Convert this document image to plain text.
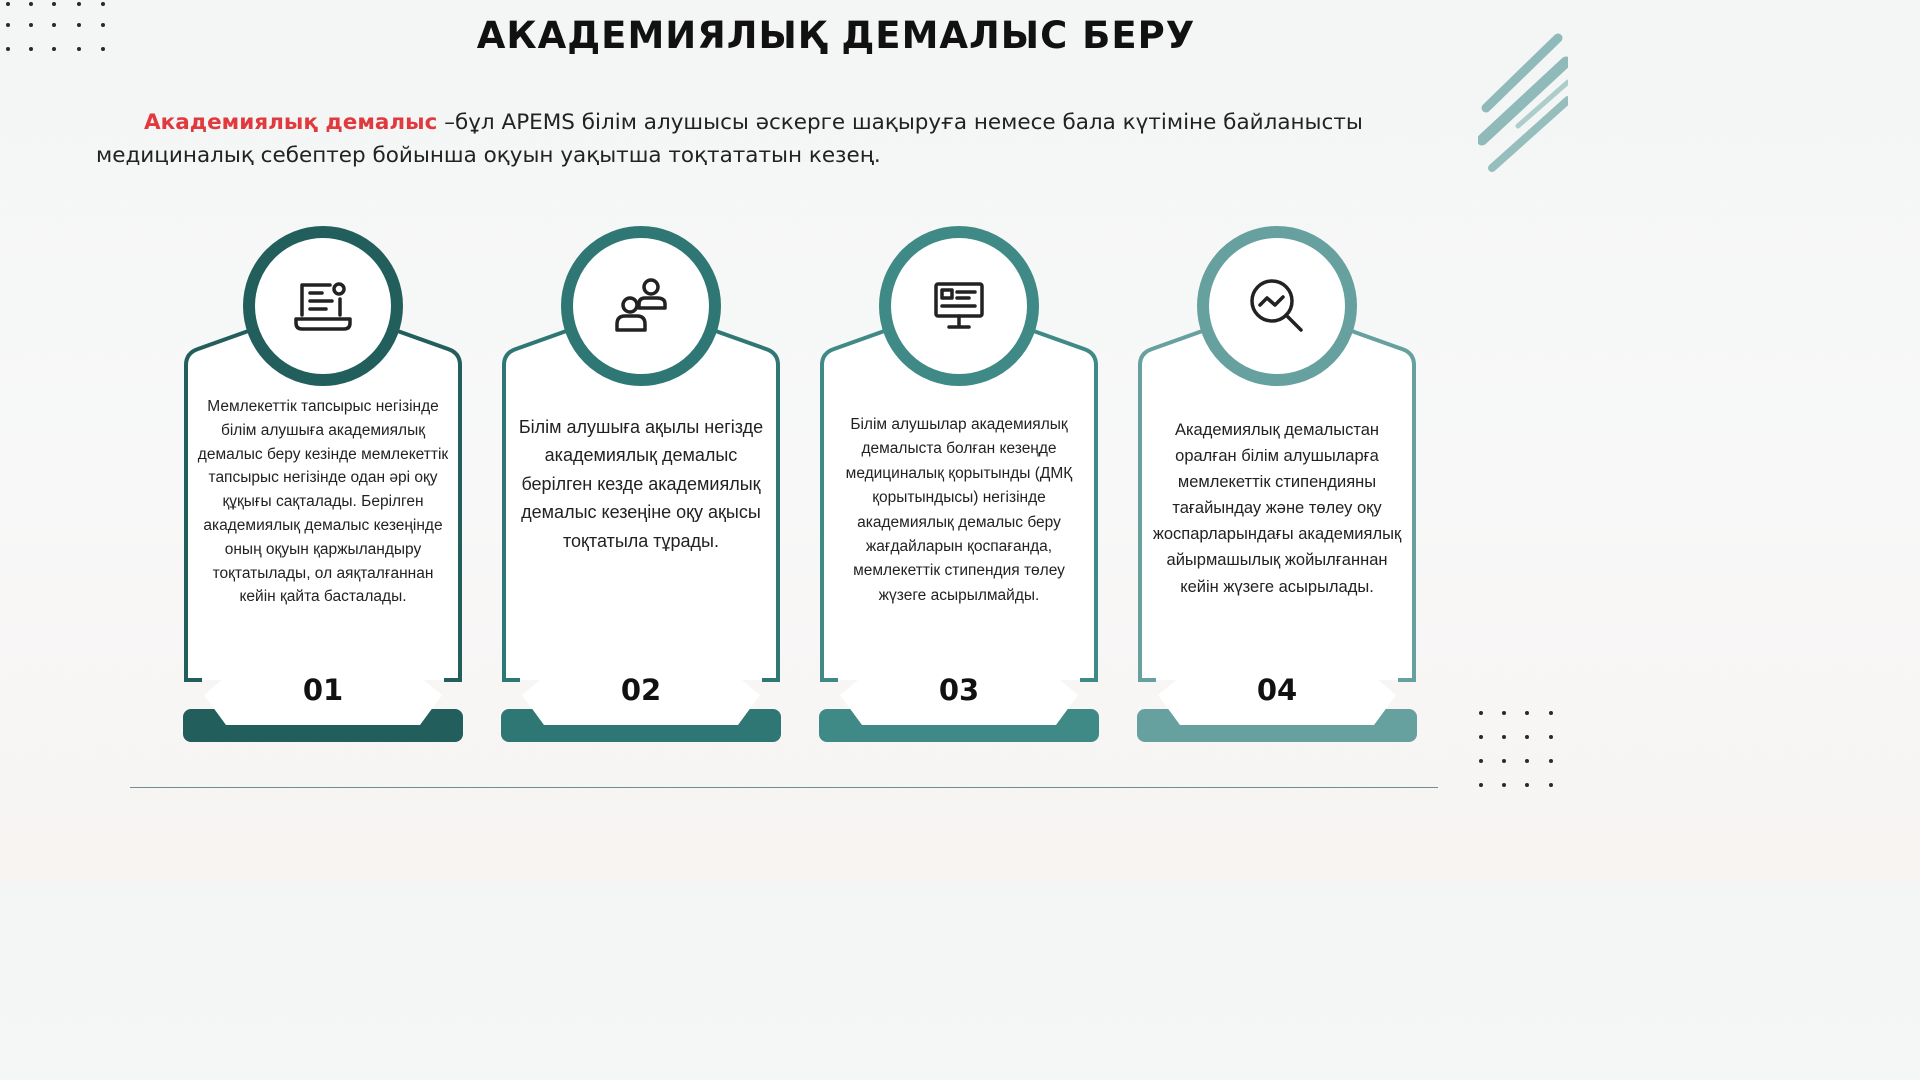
АКАДЕМИЯЛЫҚ ДЕМАЛЫС БЕРУ

Академиялық демалыс –бұл APEMS білім алушысы әскерге шақыруға немесе бала күтіміне байланысты медициналық себептер бойынша оқуын уақытша тоқтататын кезең.

Мемлекеттік тапсырыс негізінде білім алушыға академиялық демалыс беру кезінде мемлекеттік тапсырыс негізінде одан әрі оқу құқығы сақталады. Берілген академиялық демалыс кезеңінде оның оқуын қаржыландыру тоқтатылады, ол аяқталғаннан кейін қайта басталады.

01

Білім алушыға ақылы негізде академиялық демалыс берілген кезде академиялық демалыс кезеңіне оқу ақысы тоқтатыла тұрады.

02

Білім алушылар академиялық демалыста болған кезеңде медициналық қорытынды (ДМҚ қорытындысы) негізінде академиялық демалыс беру жағдайларын қоспағанда, мемлекеттік стипендия төлеу жүзеге асырылмайды.

03

Академиялық демалыстан оралған білім алушыларға мемлекеттік стипендияны тағайындау және төлеу оқу жоспарларындағы академиялық айырмашылық жойылғаннан кейін жүзеге асырылады.

04
